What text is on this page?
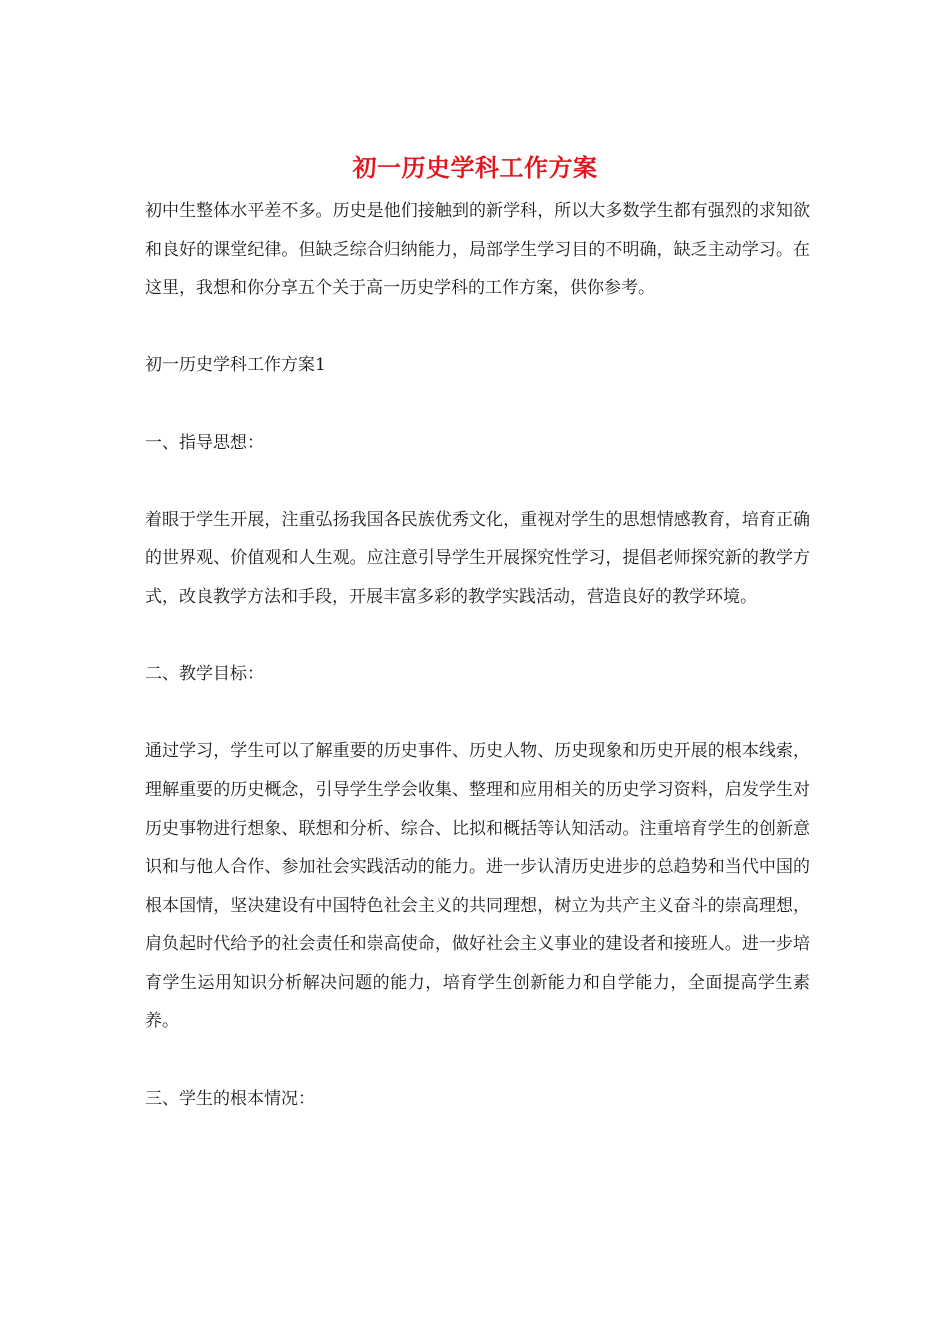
初一历史学科工作方案

初中生整体水平差不多。历史是他们接触到的新学科，所以大多数学生都有强烈的求知欲和良好的课堂纪律。但缺乏综合归纳能力，局部学生学习目的不明确，缺乏主动学习。在这里，我想和你分享五个关于高一历史学科的工作方案，供你参考。

初一历史学科工作方案1

一、指导思想：

着眼于学生开展，注重弘扬我国各民族优秀文化，重视对学生的思想情感教育，培育正确的世界观、价值观和人生观。应注意引导学生开展探究性学习，提倡老师探究新的教学方式，改良教学方法和手段，开展丰富多彩的教学实践活动，营造良好的教学环境。

二、教学目标：

通过学习，学生可以了解重要的历史事件、历史人物、历史现象和历史开展的根本线索，理解重要的历史概念，引导学生学会收集、整理和应用相关的历史学习资料，启发学生对历史事物进行想象、联想和分析、综合、比拟和概括等认知活动。注重培育学生的创新意识和与他人合作、参加社会实践活动的能力。进一步认清历史进步的总趋势和当代中国的根本国情，坚决建设有中国特色社会主义的共同理想，树立为共产主义奋斗的崇高理想，肩负起时代给予的社会责任和崇高使命，做好社会主义事业的建设者和接班人。进一步培育学生运用知识分析解决问题的能力，培育学生创新能力和自学能力，全面提高学生素养。

三、学生的根本情况：
